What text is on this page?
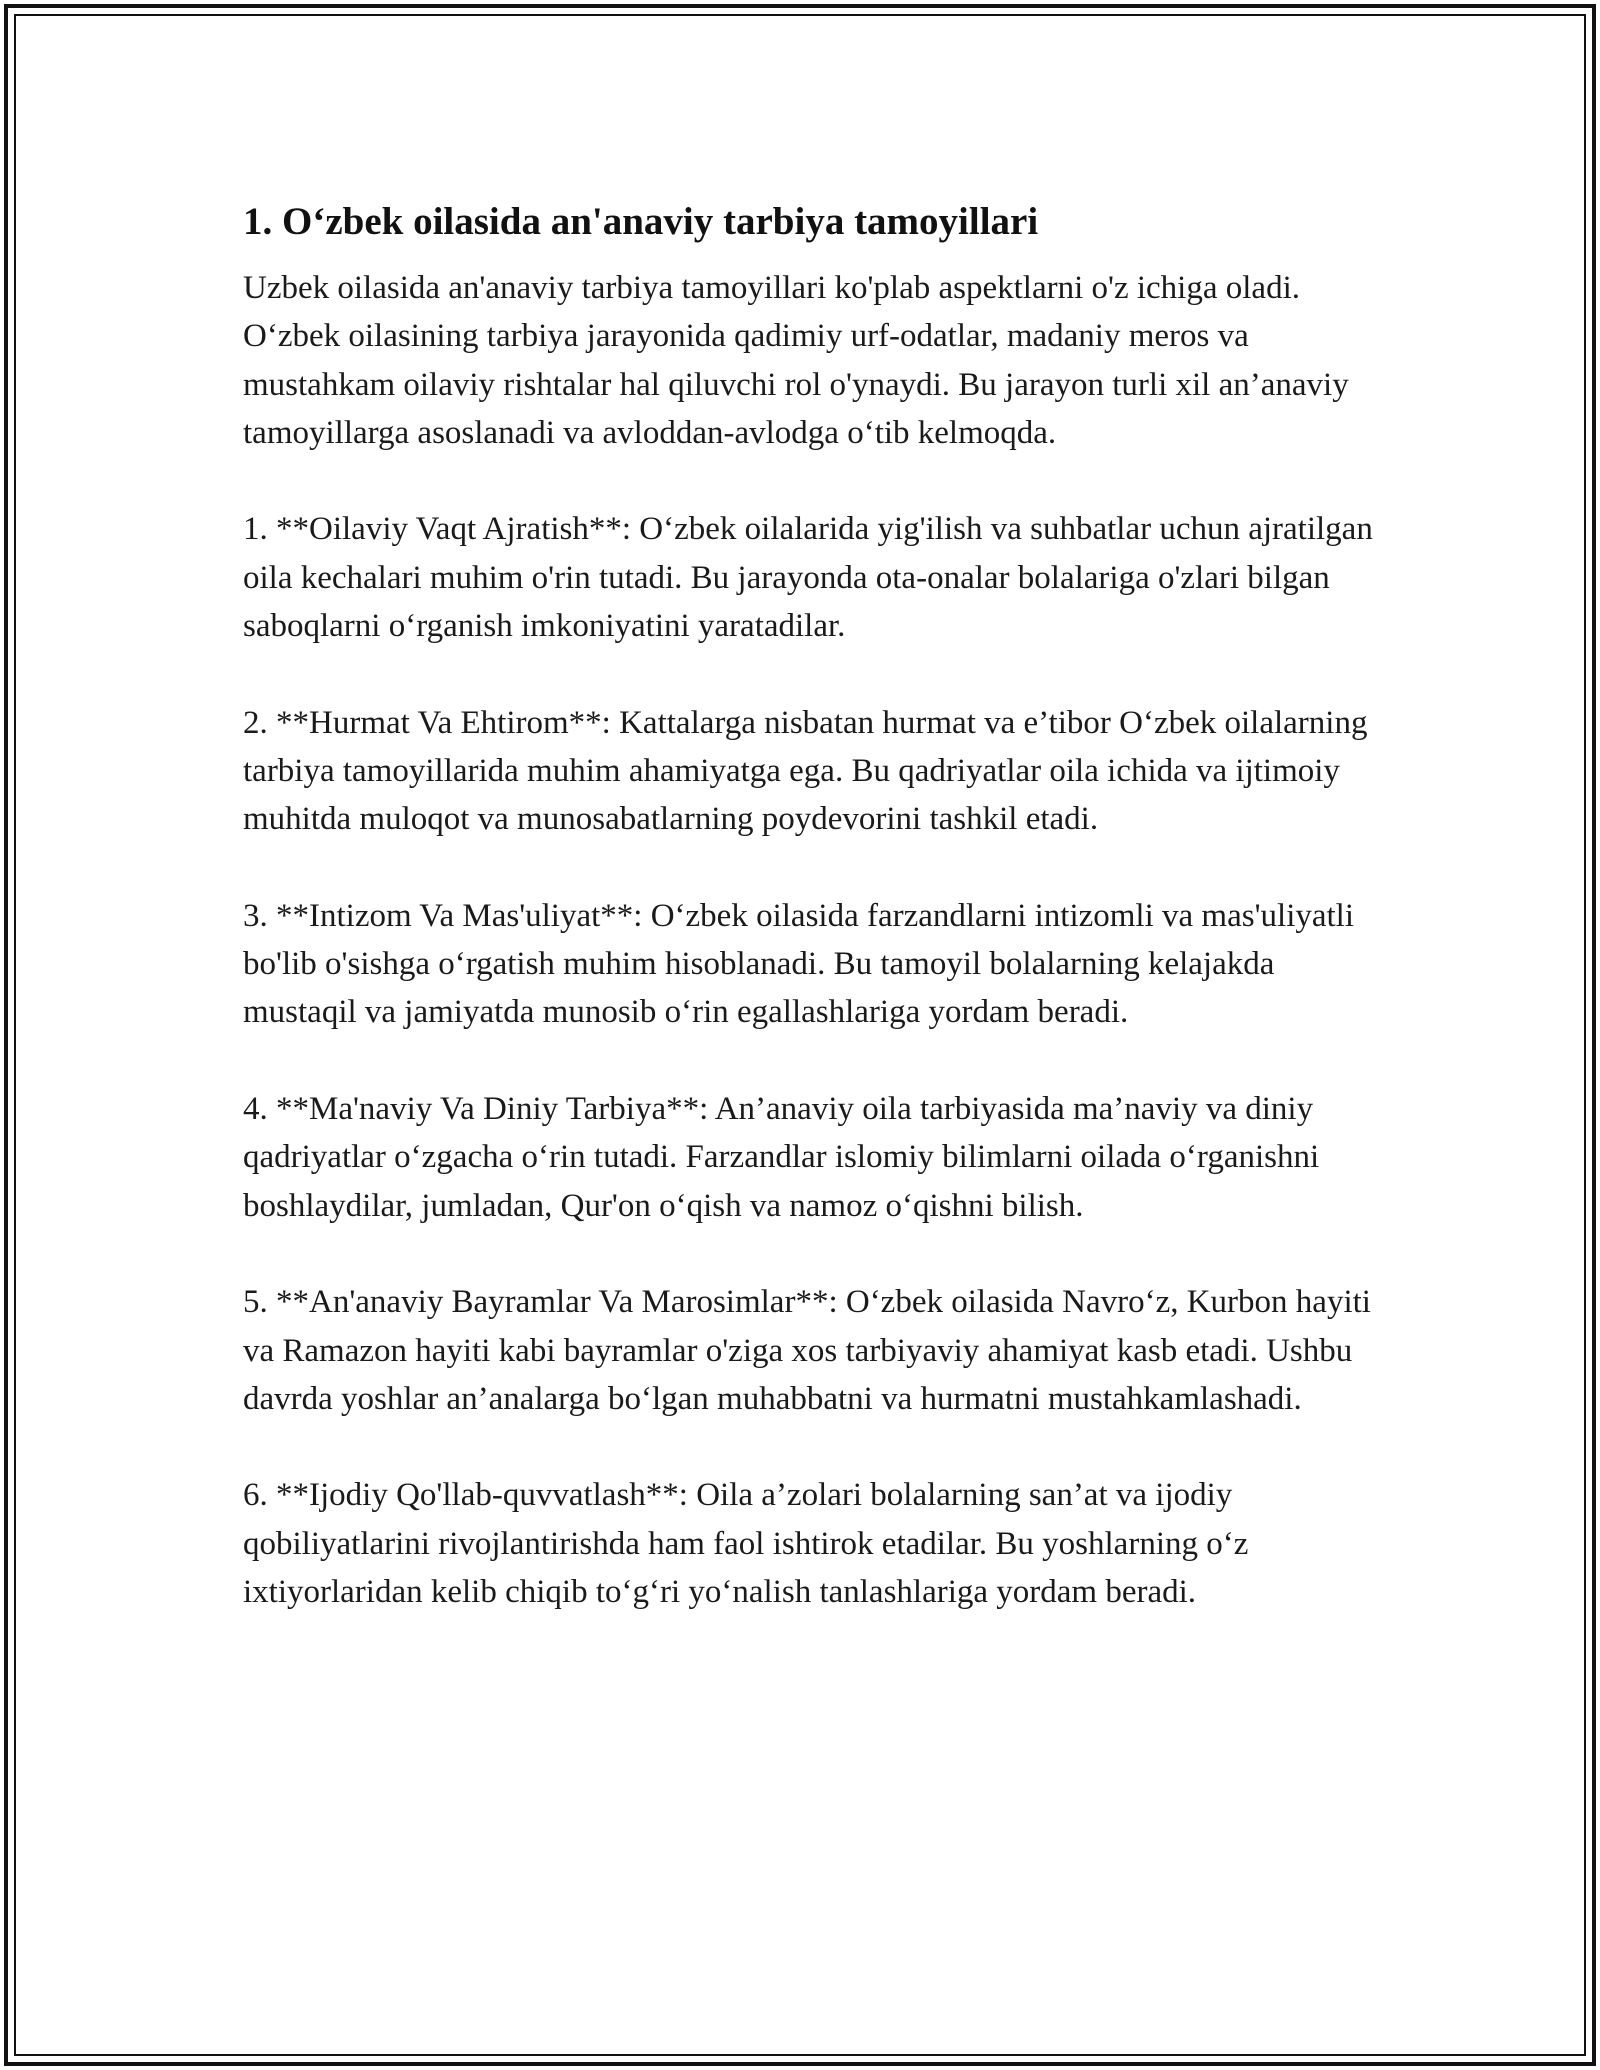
1. O‘zbek oilasida an'anaviy tarbiya tamoyillari

Uzbek oilasida an'anaviy tarbiya tamoyillari ko'plab aspektlarni o'z ichiga oladi. O‘zbek oilasining tarbiya jarayonida qadimiy urf-odatlar, madaniy meros va mustahkam oilaviy rishtalar hal qiluvchi rol o'ynaydi. Bu jarayon turli xil an’anaviy tamoyillarga asoslanadi va avloddan-avlodga o‘tib kelmoqda.

1. **Oilaviy Vaqt Ajratish**: O‘zbek oilalarida yig'ilish va suhbatlar uchun ajratilgan oila kechalari muhim o'rin tutadi. Bu jarayonda ota-onalar bolalariga o'zlari bilgan saboqlarni o‘rganish imkoniyatini yaratadilar.

2. **Hurmat Va Ehtirom**: Kattalarga nisbatan hurmat va e’tibor O‘zbek oilalarning tarbiya tamoyillarida muhim ahamiyatga ega. Bu qadriyatlar oila ichida va ijtimoiy muhitda muloqot va munosabatlarning poydevorini tashkil etadi.

3. **Intizom Va Mas'uliyat**: O‘zbek oilasida farzandlarni intizomli va mas'uliyatli bo'lib o'sishga o‘rgatish muhim hisoblanadi. Bu tamoyil bolalarning kelajakda mustaqil va jamiyatda munosib o‘rin egallashlariga yordam beradi.

4. **Ma'naviy Va Diniy Tarbiya**: An’anaviy oila tarbiyasida ma’naviy va diniy qadriyatlar o‘zgacha o‘rin tutadi. Farzandlar islomiy bilimlarni oilada o‘rganishni boshlaydilar, jumladan, Qur'on o‘qish va namoz o‘qishni bilish.

5. **An'anaviy Bayramlar Va Marosimlar**: O‘zbek oilasida Navro‘z, Kurbon hayiti va Ramazon hayiti kabi bayramlar o'ziga xos tarbiyaviy ahamiyat kasb etadi. Ushbu davrda yoshlar an’analarga bo‘lgan muhabbatni va hurmatni mustahkamlashadi.

6. **Ijodiy Qo'llab-quvvatlash**: Oila a’zolari bolalarning san’at va ijodiy qobiliyatlarini rivojlantirishda ham faol ishtirok etadilar. Bu yoshlarning o‘z ixtiyorlaridan kelib chiqib to‘g‘ri yo‘nalish tanlashlariga yordam beradi.
